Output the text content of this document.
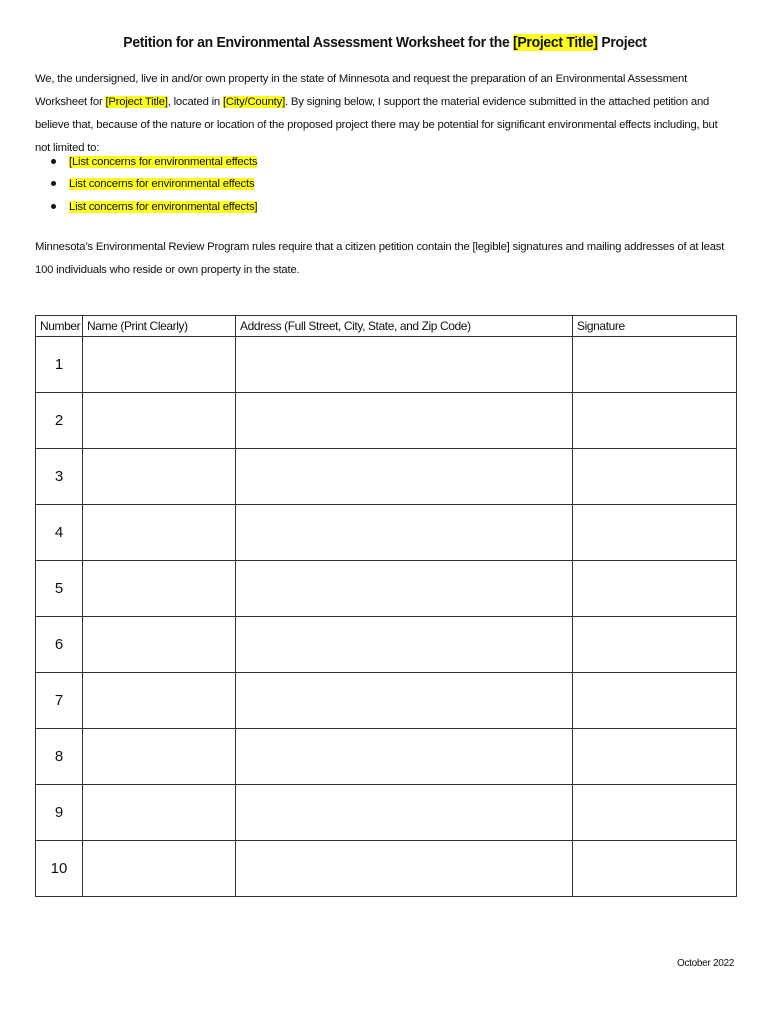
Petition for an Environmental Assessment Worksheet for the [Project Title] Project
We, the undersigned, live in and/or own property in the state of Minnesota and request the preparation of an Environmental Assessment Worksheet for [Project Title], located in [City/County]. By signing below, I support the material evidence submitted in the attached petition and believe that, because of the nature or location of the proposed project there may be potential for significant environmental effects including, but not limited to:
[List concerns for environmental effects
List concerns for environmental effects
List concerns for environmental effects]
Minnesota’s Environmental Review Program rules require that a citizen petition contain the [legible] signatures and mailing addresses of at least 100 individuals who reside or own property in the state.
Number	Name (Print Clearly)	Address (Full Street, City, State, and Zip Code)	Signature
1			
2			
3			
4			
5			
6			
7			
8			
9			
10			
October 2022
